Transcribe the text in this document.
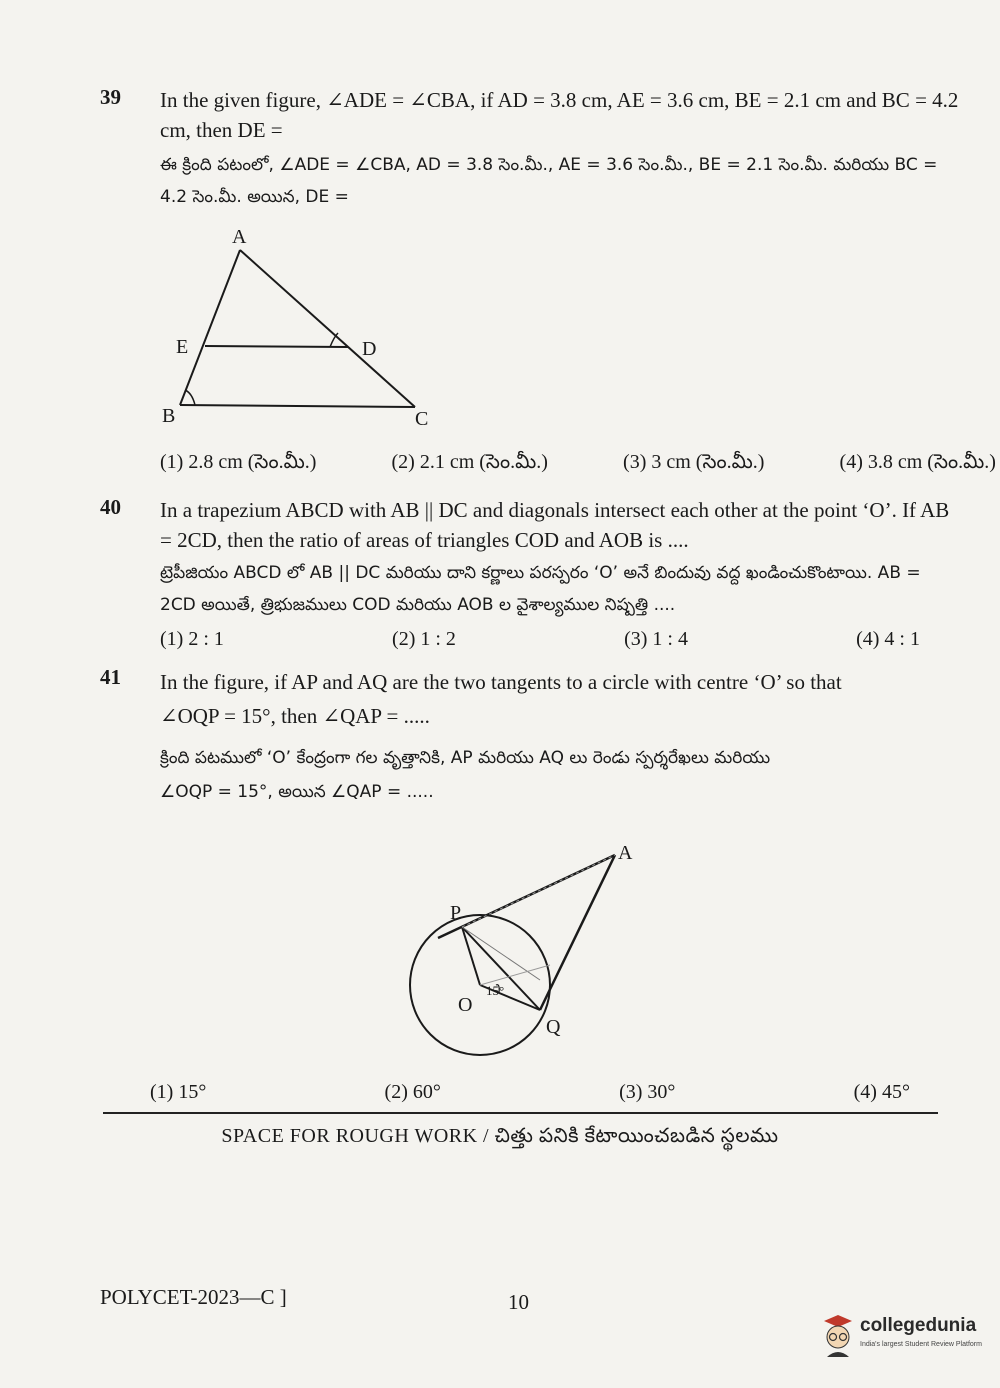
39 In the given figure, ∠ADE = ∠CBA, if AD = 3.8 cm, AE = 3.6 cm, BE = 2.1 cm and BC = 4.2 cm, then DE =

ఈ క్రింది పటంలో, ∠ADE = ∠CBA, AD = 3.8 సెం.మీ., AE = 3.6 సెం.మీ., BE = 2.1 సెం.మీ. మరియు BC = 4.2 సెం.మీ. అయిన, DE =

A
B	C
D
E
(1) 2.8 cm (సెం.మీ.)	(2) 2.1 cm (సెం.మీ.)	(3) 3 cm (సెం.మీ.)	(4) 3.8 cm (సెం.మీ.)
40 In a trapezium ABCD with AB || DC and diagonals intersect each other at the point ‘O’. If AB = 2CD, then the ratio of areas of triangles COD and AOB is ....

ట్రెపీజియం ABCD లో AB || DC మరియు దాని కర్ణాలు పరస్పరం ‘O’ అనే బిందువు వద్ద ఖండించుకొంటాయి. AB = 2CD అయితే, త్రిభుజములు COD మరియు AOB ల వైశాల్యముల నిష్పత్తి ....

(1) 2 : 1	(2) 1 : 2	(3) 1 : 4	(4) 4 : 1
41 In the figure, if AP and AQ are the two tangents to a circle with centre ‘O’ so that

∠OQP = 15°, then ∠QAP = .....

క్రింది పటములో ‘O’ కేంద్రంగా గల వృత్తానికి, AP మరియు AQ లు రెండు స్పర్శరేఖలు మరియు

∠OQP = 15°, అయిన ∠QAP = .....

P
A
O
Q
15°
(1) 15°	(2) 60°	(3) 30°	(4) 45°
SPACE FOR ROUGH WORK / చిత్తు పనికి కేటాయించబడిన స్థలము
POLYCET-2023—C ]	10
collegedunia
India's largest Student Review Platform
